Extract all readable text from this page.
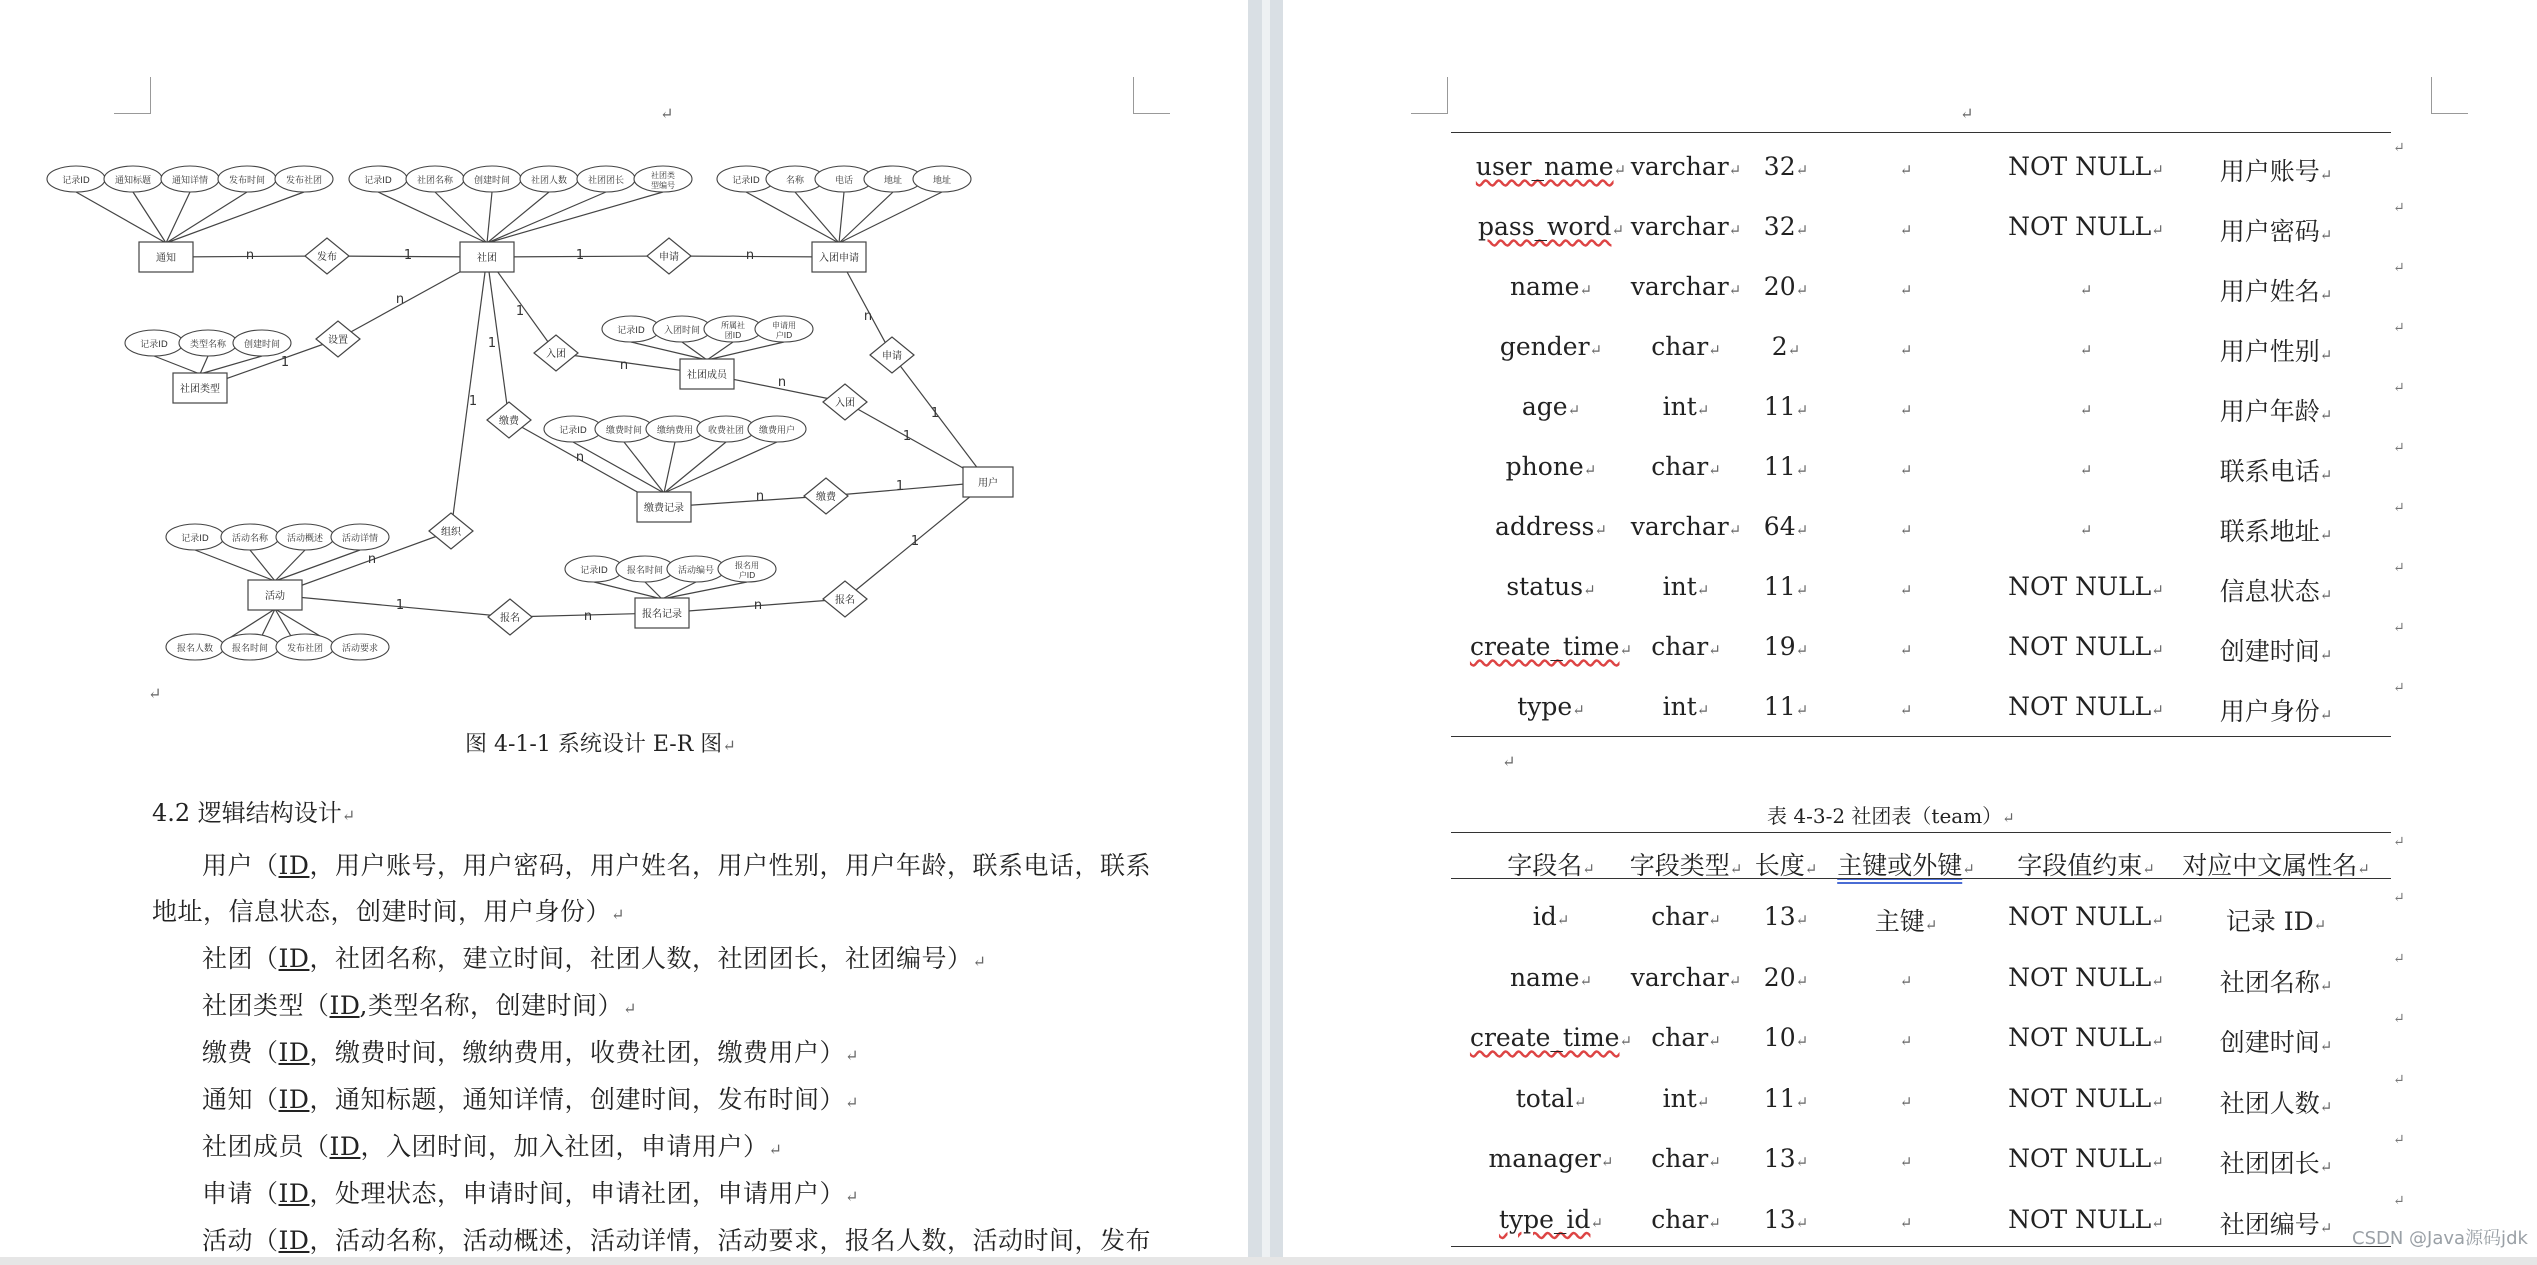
↵
n	1	1	n
n
1
1
n
n
1
n
1
1
n
n
1
1
n
1
n
n
1
记录ID	通知标题 通知详情 发布时间 发布社团	记录ID	社团名称 创建时间 社团人数 社团团长
社团类
型编号	记录ID	名称	电话	地址	地址
记录ID 类型名称 创建时间
记录ID 入团时间
所属社
团ID
申请用
户ID
记录ID 缴费时间 缴纳费用 收费社团 缴费用户
记录ID	活动名称 活动概述 活动详情
报名人数 报名时间 发布社团 活动要求
记录ID 报名时间 活动编号
报名用
户ID
通知	社团	入团申请
社团类型
社团成员
缴费记录
用户
活动
报名记录
发布	申请
设置
入团
入团
申请
缴费
缴费
组织
报名
报名
↵
图 4-1-1 系统设计 E-R 图↵
4.2 逻辑结构设计↵
用户（ID，用户账号，用户密码，用户姓名，用户性别，用户年龄，联系电话，联系
地址，信息状态，创建时间，用户身份）↵
社团（ID，社团名称，建立时间，社团人数，社团团长，社团编号）↵
社团类型（ID,类型名称，创建时间）↵
缴费（ID，缴费时间，缴纳费用，收费社团，缴费用户）↵
通知（ID，通知标题，通知详情，创建时间，发布时间）↵
社团成员（ID，入团时间，加入社团，申请用户）↵
申请（ID，处理状态，申请时间，申请社团，申请用户）↵
活动（ID，活动名称，活动概述，活动详情，活动要求，报名人数，活动时间，发布
↵
user_name↵ varchar↵ 32↵	↵	NOT NULL↵	用户账号↵
pass_word↵ varchar↵ 32↵	↵	NOT NULL↵	用户密码↵
name↵	varchar↵ 20↵	↵	↵	用户姓名↵
gender↵	char↵	2↵	↵	↵	用户性别↵
age↵	int↵	11↵	↵	↵	用户年龄↵
phone↵	char↵	11↵	↵	↵	联系电话↵
address↵ varchar↵ 64↵	↵	↵	联系地址↵
status↵	int↵	11↵	↵	NOT NULL↵	信息状态↵
create_time↵ char↵	19↵	↵	NOT NULL↵	创建时间↵
type↵	int↵	11↵	↵	NOT NULL↵	用户身份↵
↵
表 4-3-2 社团表（team）↵
字段名↵	字段类型↵ 长度↵ 主键或外键↵	字段值约束↵	对应中文属性名↵
id↵	char↵	13↵	主键↵	NOT NULL↵	记录 ID↵
name↵	varchar↵ 20↵	↵	NOT NULL↵	社团名称↵
create_time↵ char↵	10↵	↵	NOT NULL↵	创建时间↵
total↵	int↵	11↵	↵	NOT NULL↵	社团人数↵
manager↵	char↵	13↵	↵	NOT NULL↵	社团团长↵
type_id↵	char↵	13↵	↵	NOT NULL↵	社团编号↵
CSDN @Java源码jdk
↵
↵
↵
↵
↵
↵
↵
↵
↵
↵
↵
↵
↵
↵
↵
↵
↵
